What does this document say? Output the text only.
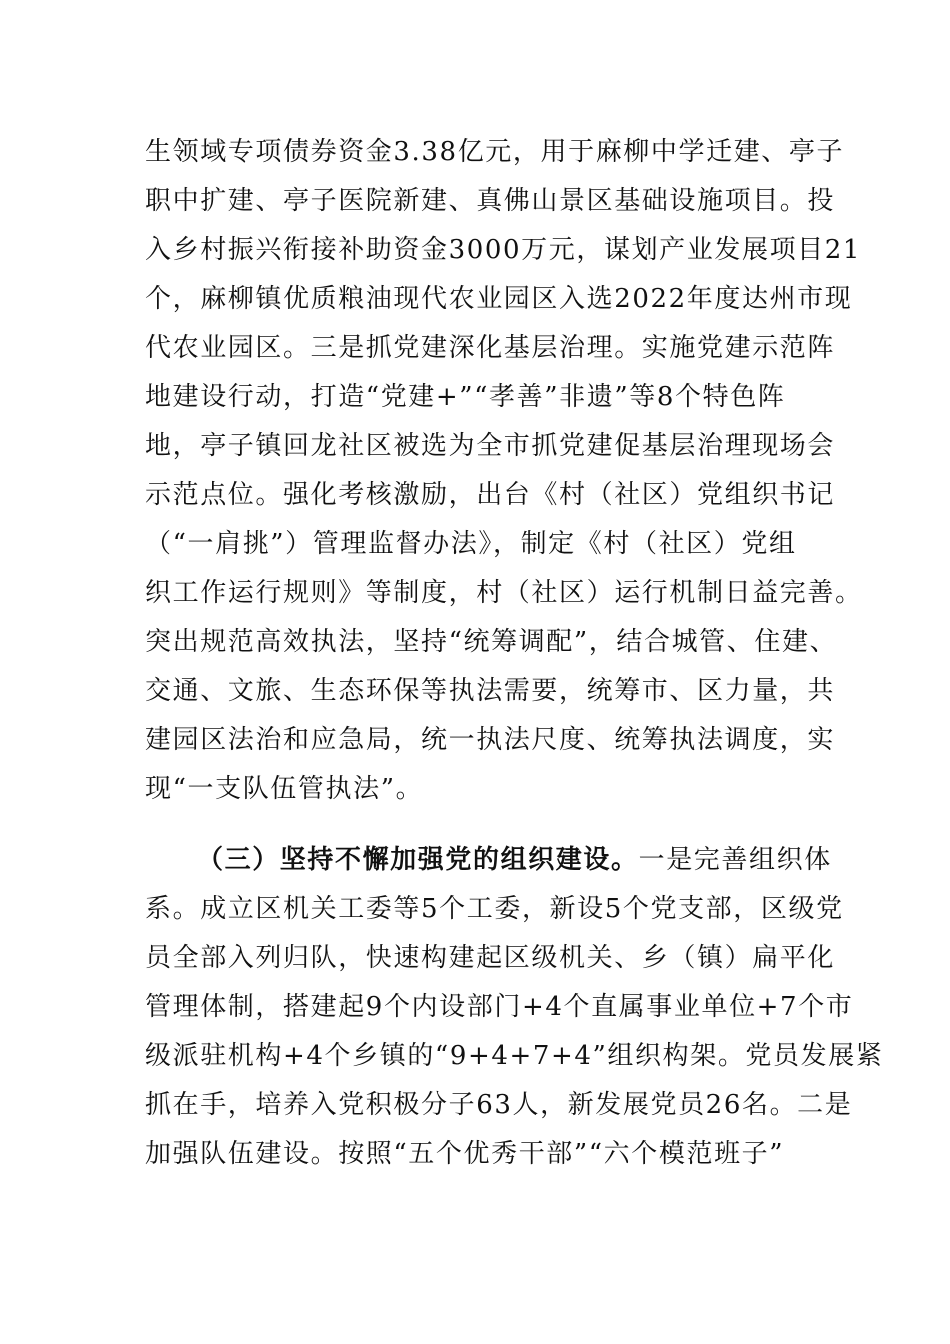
生领域专项债券资金3.38亿元，用于麻柳中学迁建、亭子
职中扩建、亭子医院新建、真佛山景区基础设施项目。投
入乡村振兴衔接补助资金3000万元，谋划产业发展项目21
个，麻柳镇优质粮油现代农业园区入选2022年度达州市现
代农业园区。三是抓党建深化基层治理。实施党建示范阵
地建设行动，打造“党建+”“孝善”非遗”等8个特色阵
地，亭子镇回龙社区被选为全市抓党建促基层治理现场会
示范点位。强化考核激励，出台《村（社区）党组织书记
（“一肩挑”）管理监督办法》，制定《村（社区）党组
织工作运行规则》等制度，村（社区）运行机制日益完善。
突出规范高效执法，坚持“统筹调配”，结合城管、住建、
交通、文旅、生态环保等执法需要，统筹市、区力量，共
建园区法治和应急局，统一执法尺度、统筹执法调度，实
现“一支队伍管执法”。
（三）坚持不懈加强党的组织建设。一是完善组织体
系。成立区机关工委等5个工委，新设5个党支部，区级党
员全部入列归队，快速构建起区级机关、乡（镇）扁平化
管理体制，搭建起9个内设部门+4个直属事业单位+7个市
级派驻机构+4个乡镇的“9+4+7+4”组织构架。党员发展紧
抓在手，培养入党积极分子63人，新发展党员26名。二是
加强队伍建设。按照“五个优秀干部”“六个模范班子”
